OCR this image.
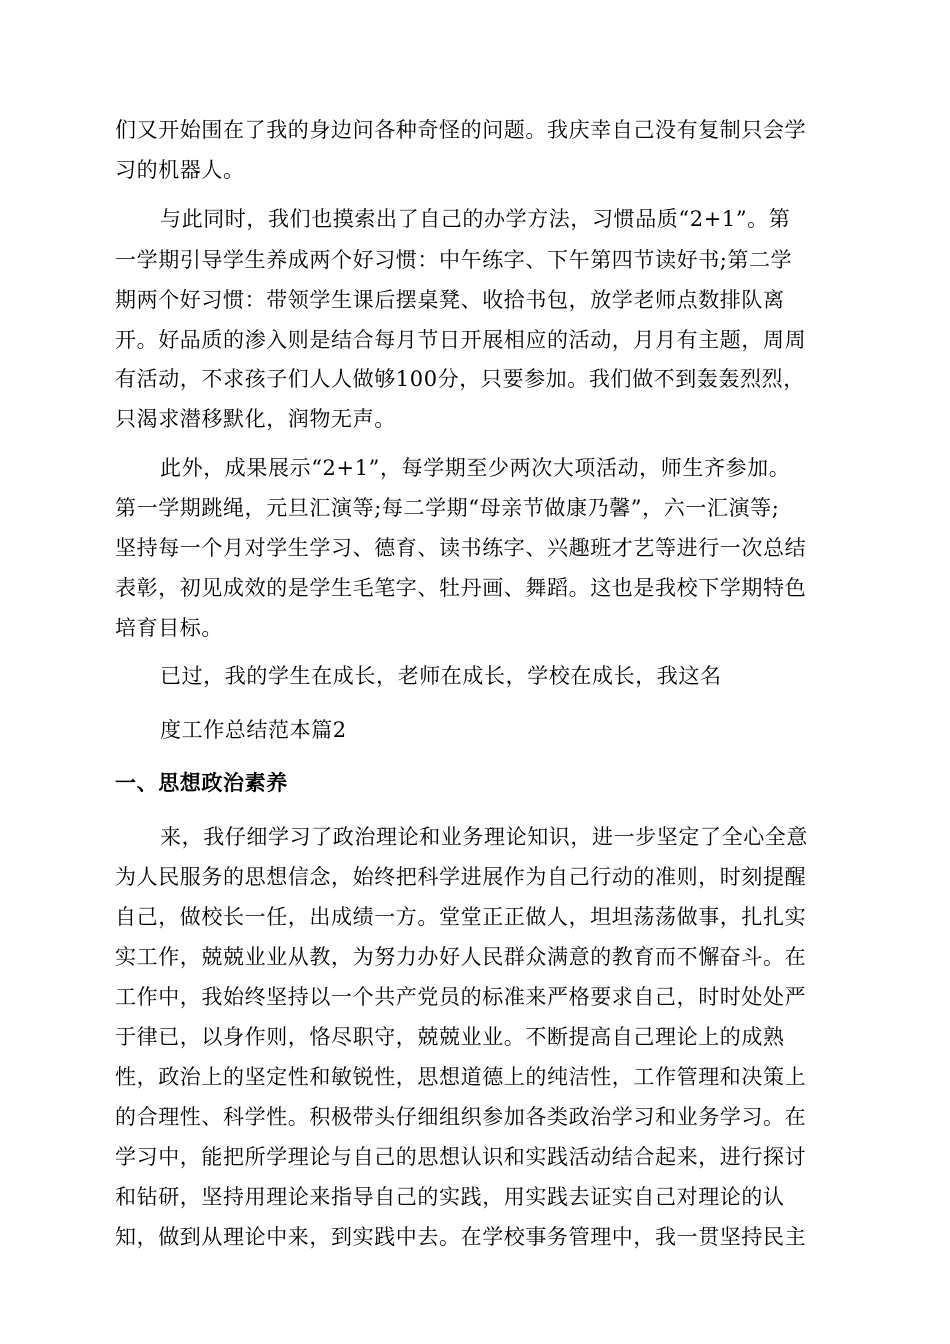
们又开始围在了我的身边问各种奇怪的问题。我庆幸自己没有复制只会学
习的机器人。
与此同时，我们也摸索出了自己的办学方法，习惯品质“2+1”。第
一学期引导学生养成两个好习惯：中午练字、下午第四节读好书;第二学
期两个好习惯：带领学生课后摆桌凳、收拾书包，放学老师点数排队离
开。好品质的渗入则是结合每月节日开展相应的活动，月月有主题，周周
有活动，不求孩子们人人做够100分，只要参加。我们做不到轰轰烈烈，
只渴求潜移默化，润物无声。
此外，成果展示“2+1”，每学期至少两次大项活动，师生齐参加。
第一学期跳绳，元旦汇演等;每二学期“母亲节做康乃馨”，六一汇演等;
坚持每一个月对学生学习、德育、读书练字、兴趣班才艺等进行一次总结
表彰，初见成效的是学生毛笔字、牡丹画、舞蹈。这也是我校下学期特色
培育目标。
已过，我的学生在成长，老师在成长，学校在成长，我这名
度工作总结范本篇2
一、思想政治素养
来，我仔细学习了政治理论和业务理论知识，进一步坚定了全心全意
为人民服务的思想信念，始终把科学进展作为自己行动的准则，时刻提醒
自己，做校长一任，出成绩一方。堂堂正正做人，坦坦荡荡做事，扎扎实
实工作，兢兢业业从教，为努力办好人民群众满意的教育而不懈奋斗。在
工作中，我始终坚持以一个共产党员的标准来严格要求自己，时时处处严
于律已，以身作则，恪尽职守，兢兢业业。不断提高自己理论上的成熟
性，政治上的坚定性和敏锐性，思想道德上的纯洁性，工作管理和决策上
的合理性、科学性。积极带头仔细组织参加各类政治学习和业务学习。在
学习中，能把所学理论与自己的思想认识和实践活动结合起来，进行探讨
和钻研，坚持用理论来指导自己的实践，用实践去证实自己对理论的认
知，做到从理论中来，到实践中去。在学校事务管理中，我一贯坚持民主
